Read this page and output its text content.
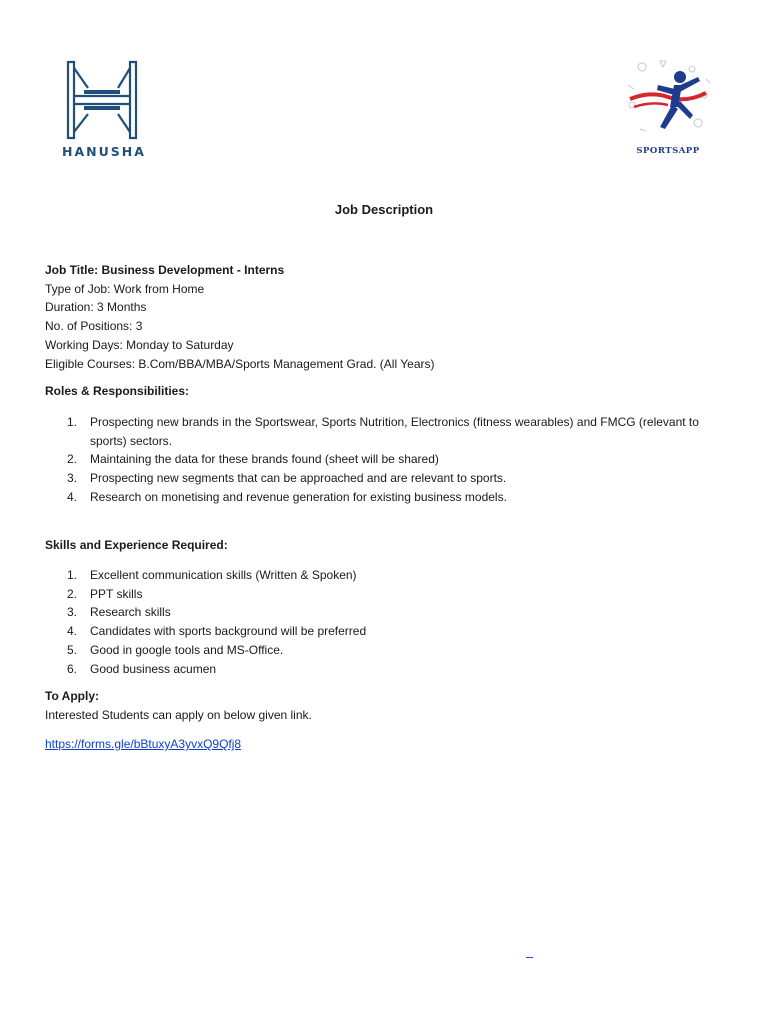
HANUSHA	SPORTSAPP
Job Description
Job Title: Business Development - Interns
Type of Job: Work from Home
Duration: 3 Months
No. of Positions: 3
Working Days: Monday to Saturday
Eligible Courses: B.Com/BBA/MBA/Sports Management Grad. (All Years)
Roles & Responsibilities:
1. Prospecting new brands in the Sportswear, Sports Nutrition, Electronics (fitness wearables) and FMCG (relevant to sports) sectors.
2. Maintaining the data for these brands found (sheet will be shared)
3. Prospecting new segments that can be approached and are relevant to sports.
4. Research on monetising and revenue generation for existing business models.
Skills and Experience Required:
1. Excellent communication skills (Written & Spoken)
2. PPT skills
3. Research skills
4. Candidates with sports background will be preferred
5. Good in google tools and MS-Office.
6. Good business acumen
To Apply:
Interested Students can apply on below given link.
https://forms.gle/bBtuxyA3yvxQ9Qfj8
